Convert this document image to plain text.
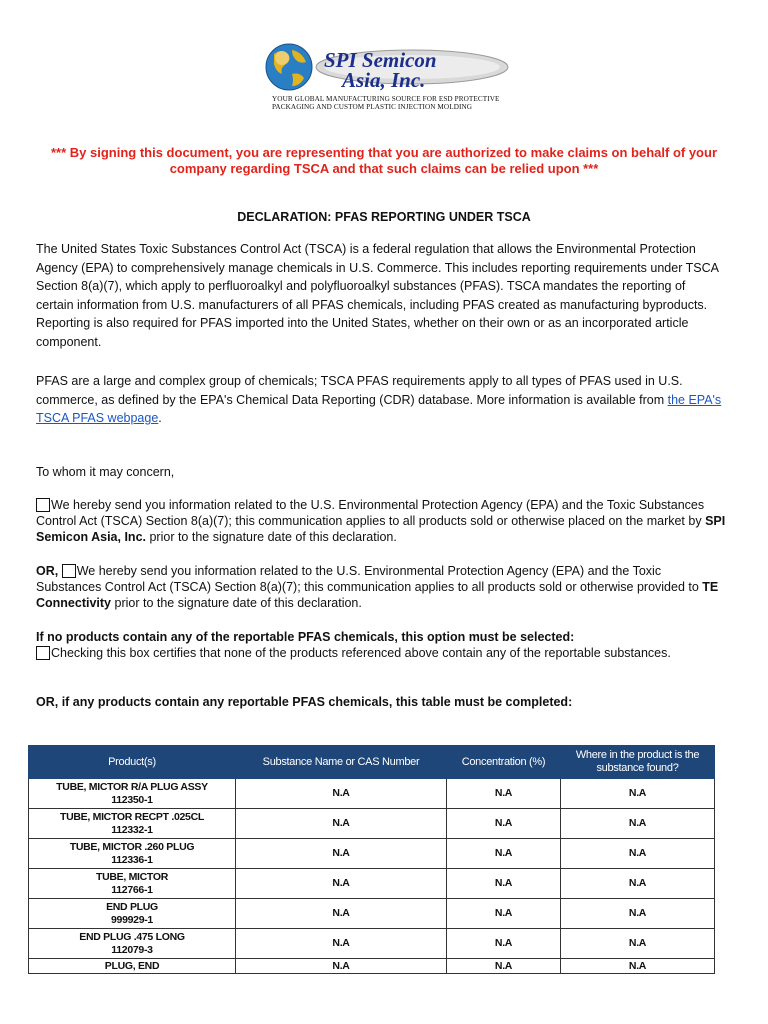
SPI Semicon
Asia, Inc.
YOUR GLOBAL MANUFACTURING SOURCE FOR ESD PROTECTIVE
PACKAGING AND CUSTOM PLASTIC INJECTION MOLDING
*** By signing this document, you are representing that you are authorized to make claims on behalf of your company regarding TSCA and that such claims can be relied upon ***
DECLARATION: PFAS REPORTING UNDER TSCA
The United States Toxic Substances Control Act (TSCA) is a federal regulation that allows the Environmental Protection Agency (EPA) to comprehensively manage chemicals in U.S. Commerce. This includes reporting requirements under TSCA Section 8(a)(7), which apply to perfluoroalkyl and polyfluoroalkyl substances (PFAS). TSCA mandates the reporting of certain information from U.S. manufacturers of all PFAS chemicals, including PFAS created as manufacturing byproducts. Reporting is also required for PFAS imported into the United States, whether on their own or as an incorporated article component.
PFAS are a large and complex group of chemicals; TSCA PFAS requirements apply to all types of PFAS used in U.S. commerce, as defined by the EPA's Chemical Data Reporting (CDR) database. More information is available from the EPA's TSCA PFAS webpage.
To whom it may concern,
We hereby send you information related to the U.S. Environmental Protection Agency (EPA) and the Toxic Substances Control Act (TSCA) Section 8(a)(7); this communication applies to all products sold or otherwise placed on the market by SPI Semicon Asia, Inc. prior to the signature date of this declaration.
OR, We hereby send you information related to the U.S. Environmental Protection Agency (EPA) and the Toxic Substances Control Act (TSCA) Section 8(a)(7); this communication applies to all products sold or otherwise provided to TE Connectivity prior to the signature date of this declaration.
If no products contain any of the reportable PFAS chemicals, this option must be selected:
Checking this box certifies that none of the products referenced above contain any of the reportable substances.
OR, if any products contain any reportable PFAS chemicals, this table must be completed:
Product(s)	Substance Name or CAS Number	Concentration (%)	Where in the product is the substance found?

TUBE, MICTOR R/A PLUG ASSY
112350-1	N.A	N.A	N.A

TUBE, MICTOR RECPT .025CL
112332-1	N.A	N.A	N.A

TUBE, MICTOR .260 PLUG
112336-1	N.A	N.A	N.A

TUBE, MICTOR
112766-1	N.A	N.A	N.A

END PLUG
999929-1	N.A	N.A	N.A

END PLUG .475 LONG
112079-3	N.A	N.A	N.A

PLUG, END	N.A	N.A	N.A
